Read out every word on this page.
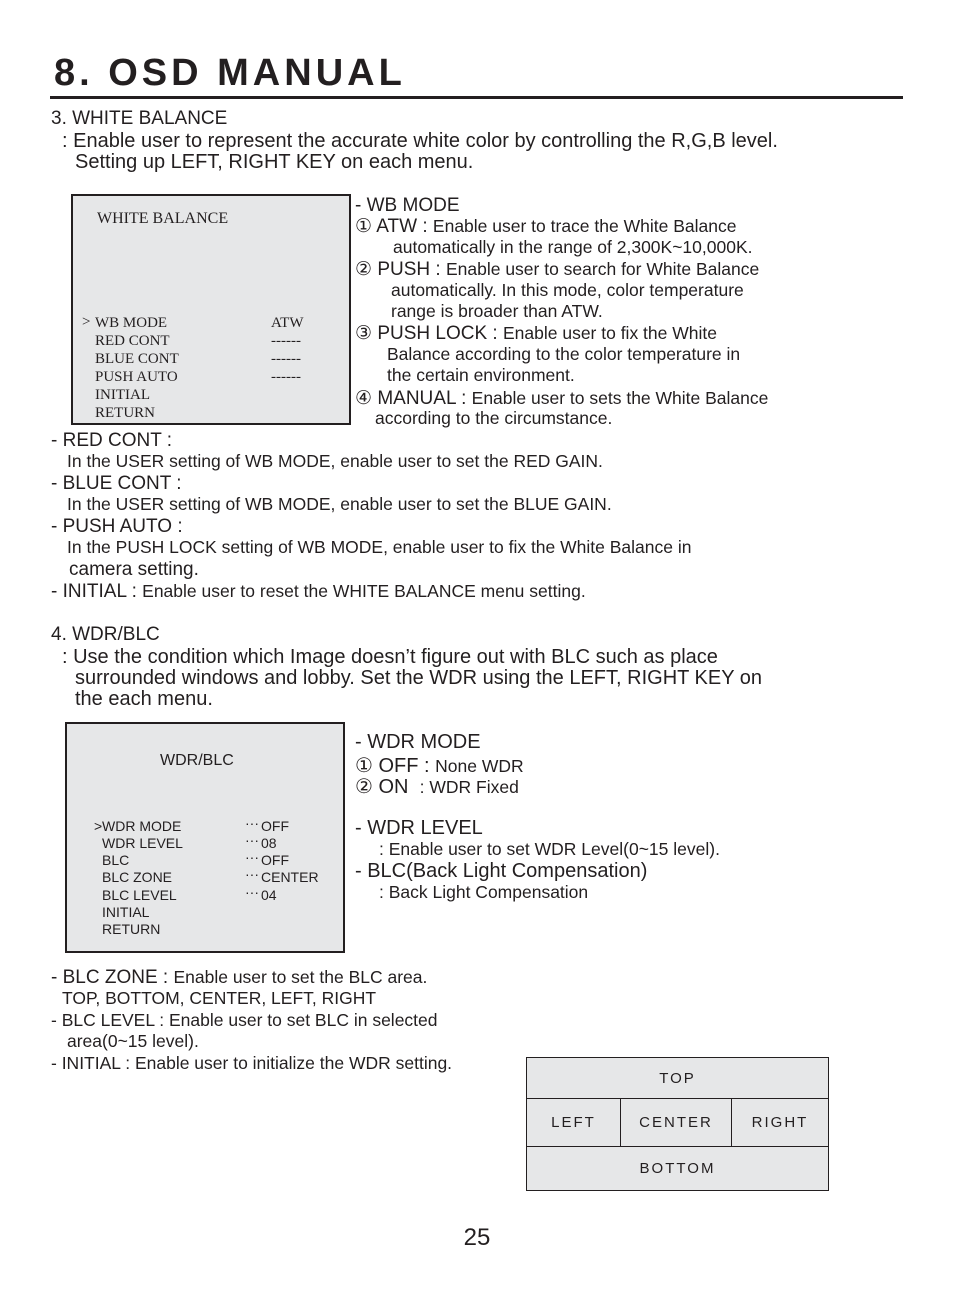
8. OSD MANUAL
3. WHITE BALANCE
: Enable user to represent the accurate white color by controlling the R,G,B level.
Setting up LEFT, RIGHT KEY on each menu.
WHITE BALANCE
> WB MODE
RED CONT
BLUE CONT
PUSH AUTO
INITIAL
RETURN
ATW
------
------
------
- WB MODE
① ATW : Enable user to trace the White Balance
automatically in the range of 2,300K~10,000K.
② PUSH : Enable user to search for White Balance
automatically. In this mode, color temperature
range is broader than ATW.
③ PUSH LOCK : Enable user to fix the White
Balance according to the color temperature in
the certain environment.
④ MANUAL : Enable user to sets the White Balance
according to the circumstance.
- RED CONT :
In the USER setting of WB MODE, enable user to set the RED GAIN.
- BLUE CONT :
In the USER setting of WB MODE, enable user to set the BLUE GAIN.
- PUSH AUTO :
In the PUSH LOCK setting of WB MODE, enable user to fix the White Balance in
camera setting.
- INITIAL : Enable user to reset the WHITE BALANCE menu setting.
4. WDR/BLC
: Use the condition which Image doesn’t figure out with BLC such as place
surrounded windows and lobby. Set the WDR using the LEFT, RIGHT KEY on
the each menu.
WDR/BLC
> WDR MODE
WDR LEVEL
BLC
BLC ZONE
BLC LEVEL
INITIAL
RETURN
···
···
···
···
···
OFF
08
OFF
CENTER
04
- WDR MODE
① OFF : None WDR
② ON : WDR Fixed
- WDR LEVEL
: Enable user to set WDR Level(0~15 level).
- BLC(Back Light Compensation)
: Back Light Compensation
- BLC ZONE : Enable user to set the BLC area.
TOP, BOTTOM, CENTER, LEFT, RIGHT
- BLC LEVEL : Enable user to set BLC in selected
area(0~15 level).
- INITIAL : Enable user to initialize the WDR setting.
TOP
LEFT	CENTER	RIGHT
BOTTOM
25
